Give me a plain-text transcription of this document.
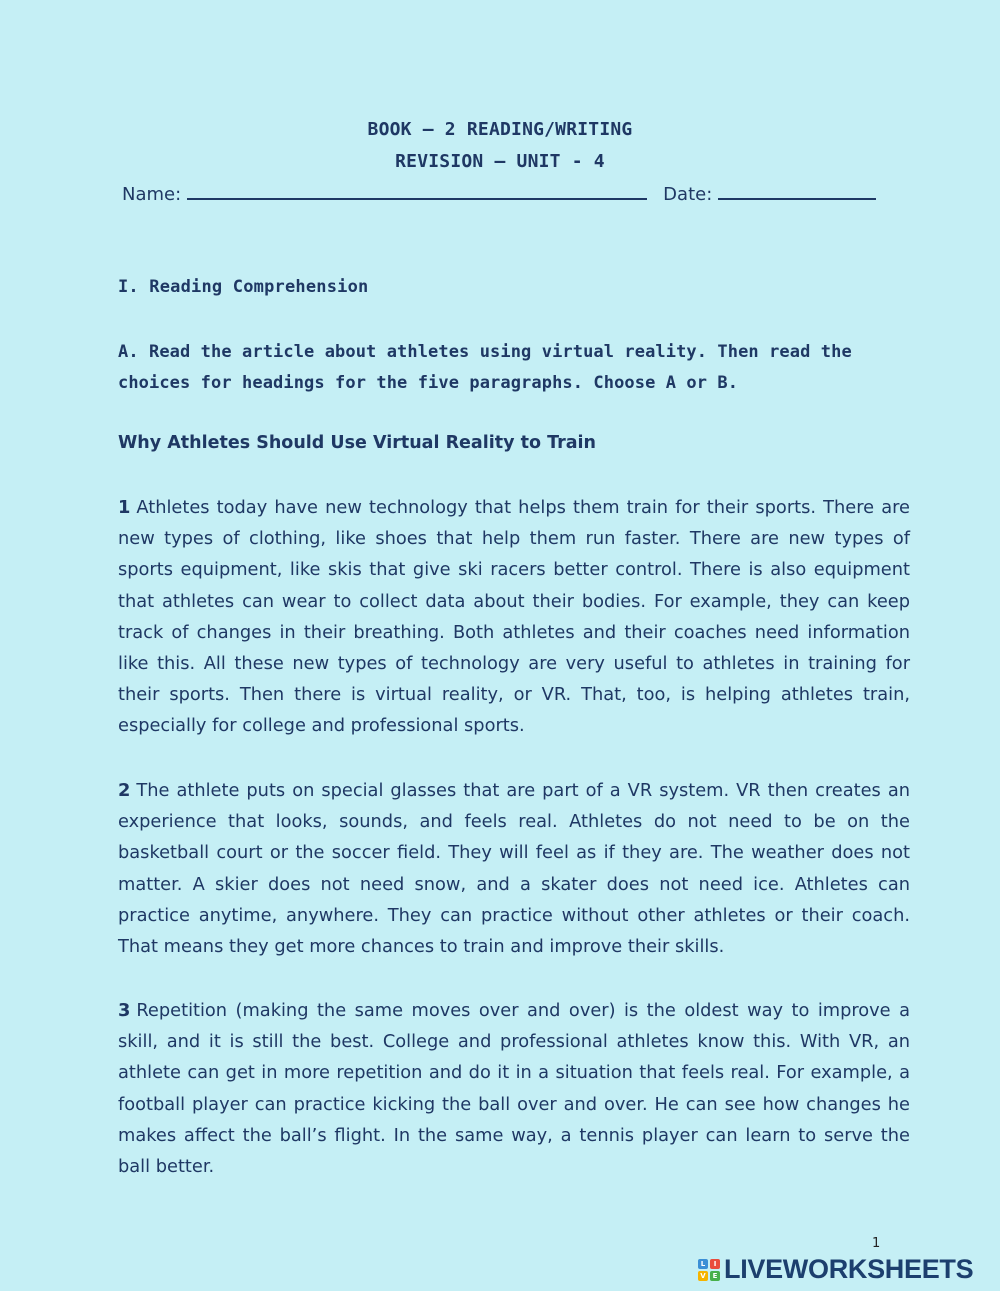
BOOK – 2 READING/WRITING
REVISION – UNIT - 4
Name:	Date:
I. Reading Comprehension
A. Read the article about athletes using virtual reality. Then read the choices for headings for the five paragraphs. Choose A or B.
Why Athletes Should Use Virtual Reality to Train
1 Athletes today have new technology that helps them train for their sports. There are new types of clothing, like shoes that help them run faster. There are new types of sports equipment, like skis that give ski racers better control. There is also equipment that athletes can wear to collect data about their bodies. For example, they can keep track of changes in their breathing. Both athletes and their coaches need information like this. All these new types of technology are very useful to athletes in training for their sports. Then there is virtual reality, or VR. That, too, is helping athletes train, especially for college and professional sports.
2 The athlete puts on special glasses that are part of a VR system. VR then creates an experience that looks, sounds, and feels real. Athletes do not need to be on the basketball court or the soccer field. They will feel as if they are. The weather does not matter. A skier does not need snow, and a skater does not need ice. Athletes can practice anytime, anywhere. They can practice without other athletes or their coach. That means they get more chances to train and improve their skills.
3 Repetition (making the same moves over and over) is the oldest way to improve a skill, and it is still the best. College and professional athletes know this. With VR, an athlete can get in more repetition and do it in a situation that feels real. For example, a football player can practice kicking the ball over and over. He can see how changes he makes affect the ball’s flight. In the same way, a tennis player can learn to serve the ball better.
1
L	I
V E LIVEWORKSHEETS
